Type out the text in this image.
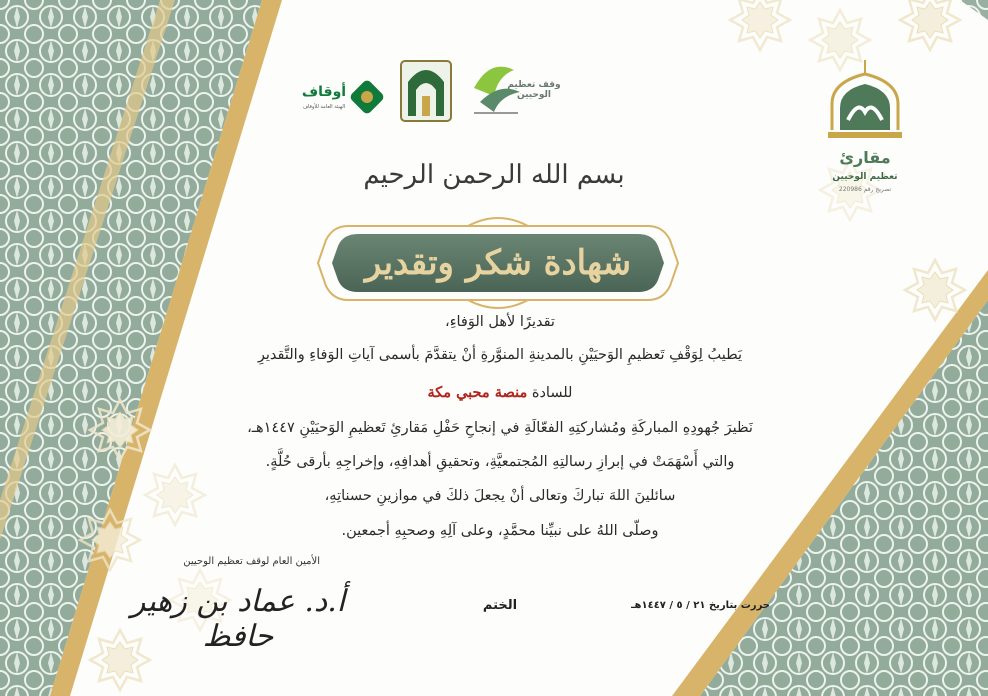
أوقاف
الهيئة العامة للأوقاف
وقف تعظيم الوحيين
مقارئ
تعظيم الوحيين
تصريح رقم 220986
بسم الله الرحمن الرحيم
شهادة شكر وتقدير
تقديرًا لأهل الوَفاءِ،
يَطيبُ لِوَقْفِ تَعظيمِ الوَحيَيْنِ بالمدينةِ المنوَّرةِ أنْ يتقدَّمَ بأسمى آياتِ الوَفاءِ والتَّقديرِ
للسادة منصة محبي مكة
نَظيرَ جُهودِهِ المباركَةِ ومُشاركتِهِ الفعّالَةِ في إنجاحِ حَفْلِ مَقارئِ تَعظيمِ الوَحيَيْنِ ١٤٤٧هـ،
والتي أَسْهَمَتْ في إبرازِ رسالتِهِ المُجتمعيَّةِ، وتحقيقِ أهدافِهِ، وإخراجِهِ بأرقى حُلَّةٍ.
سائلينَ اللهَ تباركَ وتعالى أنْ يجعلَ ذلكَ في موازينِ حسناتِهِ،
وصلّى اللهُ على نبيِّنا محمَّدٍ، وعلى آلِهِ وصحبِهِ أجمعين.
الأمين العام لوقف تعظيم الوحيين
أ.د. عماد بن زهير حافظ
الختم	حررت بتاريخ ٢١ / ٥ / ١٤٤٧هـ
